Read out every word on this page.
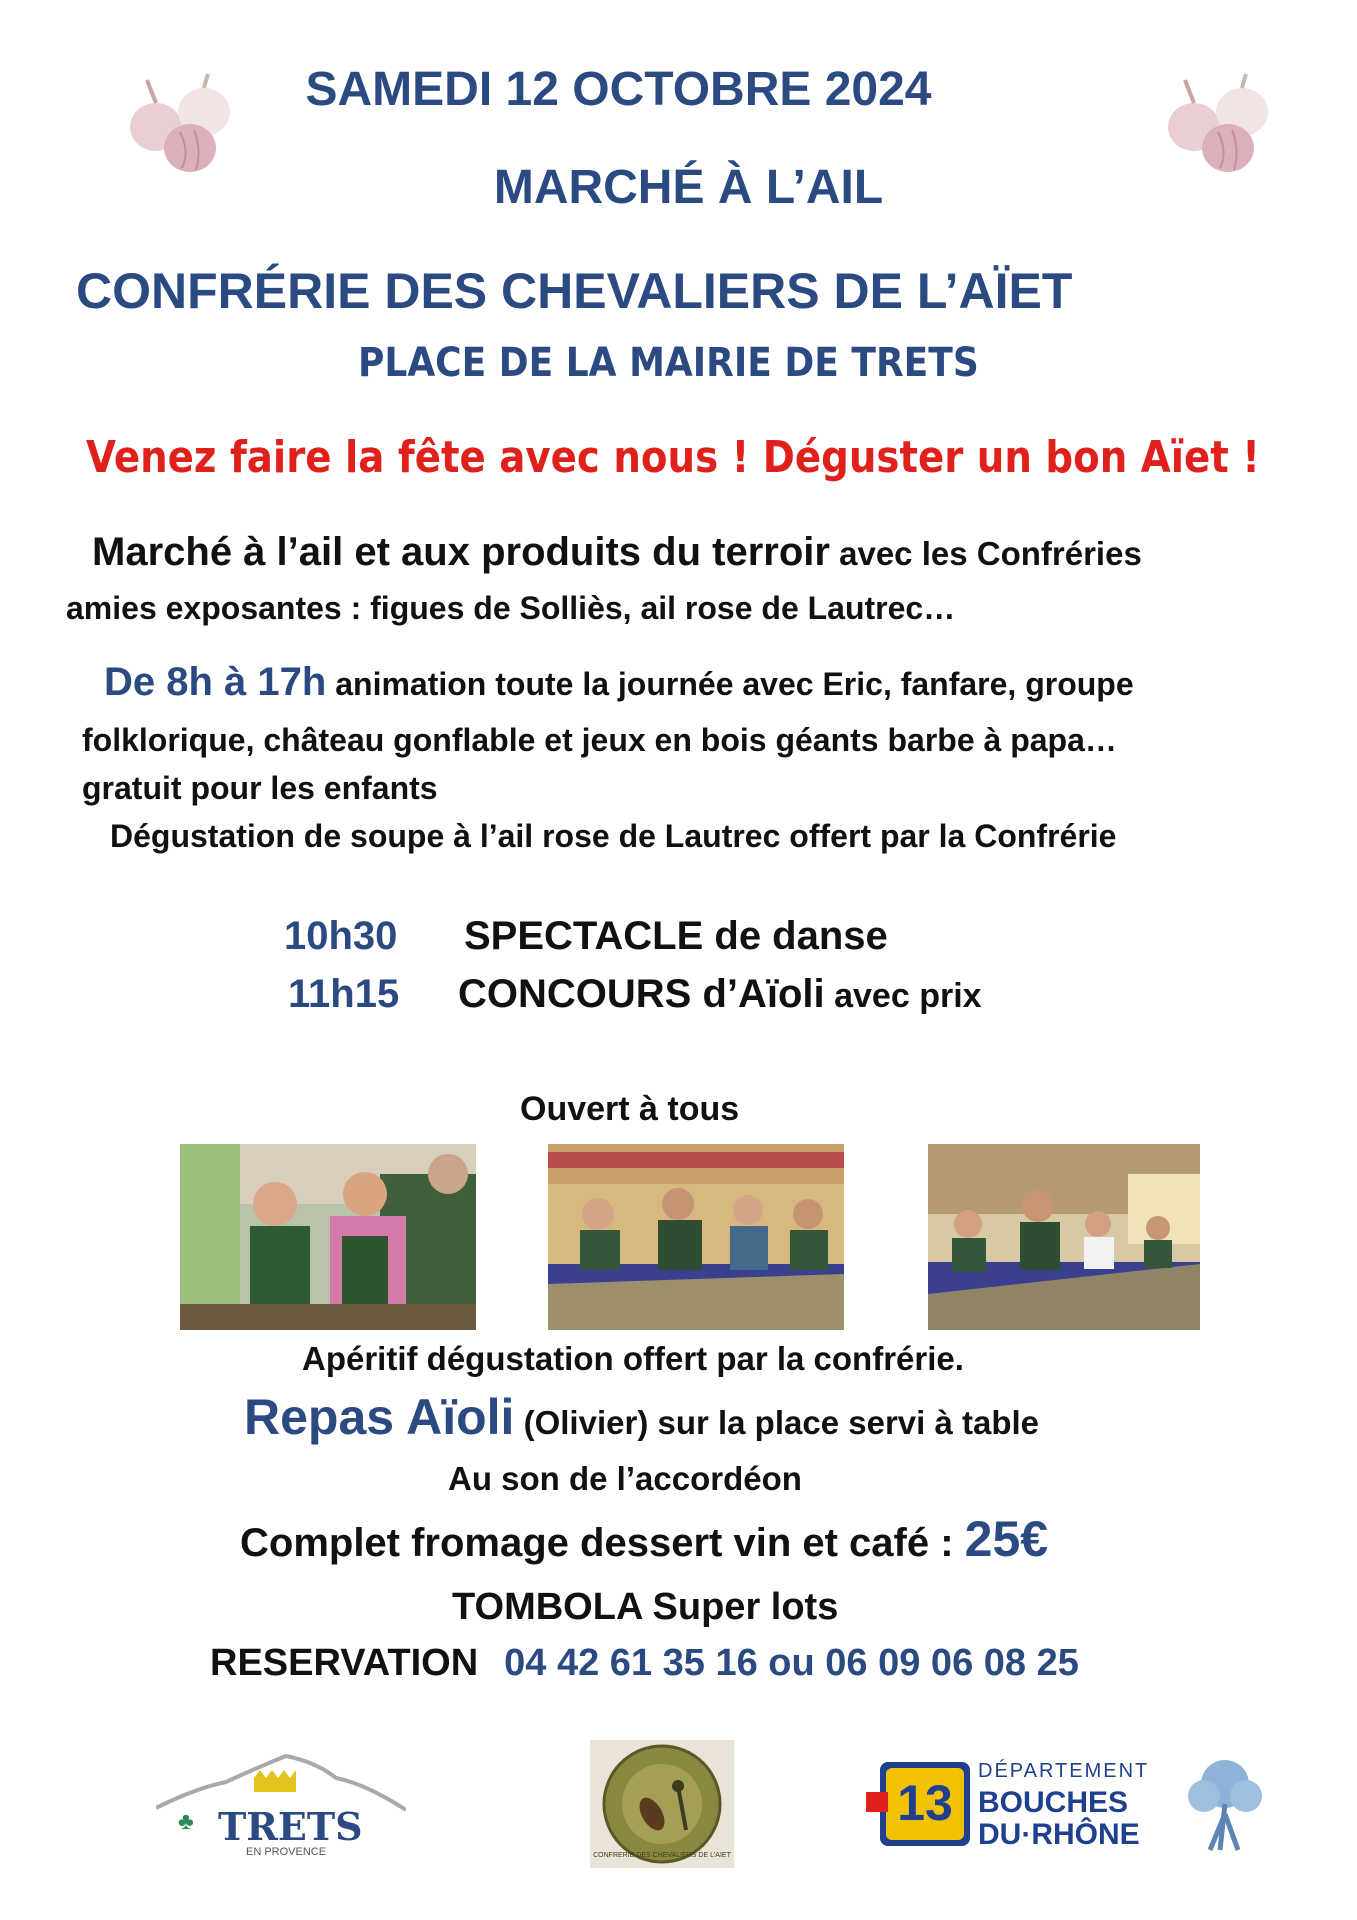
SAMEDI 12 OCTOBRE 2024
MARCHÉ À L’AIL
CONFRÉRIE DES CHEVALIERS DE L’AÏET
PLACE DE LA MAIRIE DE TRETS
Venez faire la fête avec nous ! Déguster un bon Aïet !
Marché à l’ail et aux produits du terroir avec les Confréries
amies exposantes : figues de Solliès, ail rose de Lautrec…
De 8h à 17h animation toute la journée avec Eric, fanfare, groupe
folklorique, château gonflable et jeux en bois géants barbe à papa…
gratuit pour les enfants
Dégustation de soupe à l’ail rose de Lautrec offert par la Confrérie
10h30 SPECTACLE de danse
11h15 CONCOURS d’Aïoli avec prix
Ouvert à tous
Apéritif dégustation offert par la confrérie.
Repas Aïoli (Olivier) sur la place servi à table
Au son de l’accordéon
Complet fromage dessert vin et café : 25€
TOMBOLA Super lots
RESERVATION 04 42 61 35 16 ou 06 09 06 08 25
♣ TRETS
EN PROVENCE	CONFRERIE DES CHEVALIERS DE L'AIET
13
DÉPARTEMENT
BOUCHES
DU·RHÔNE
